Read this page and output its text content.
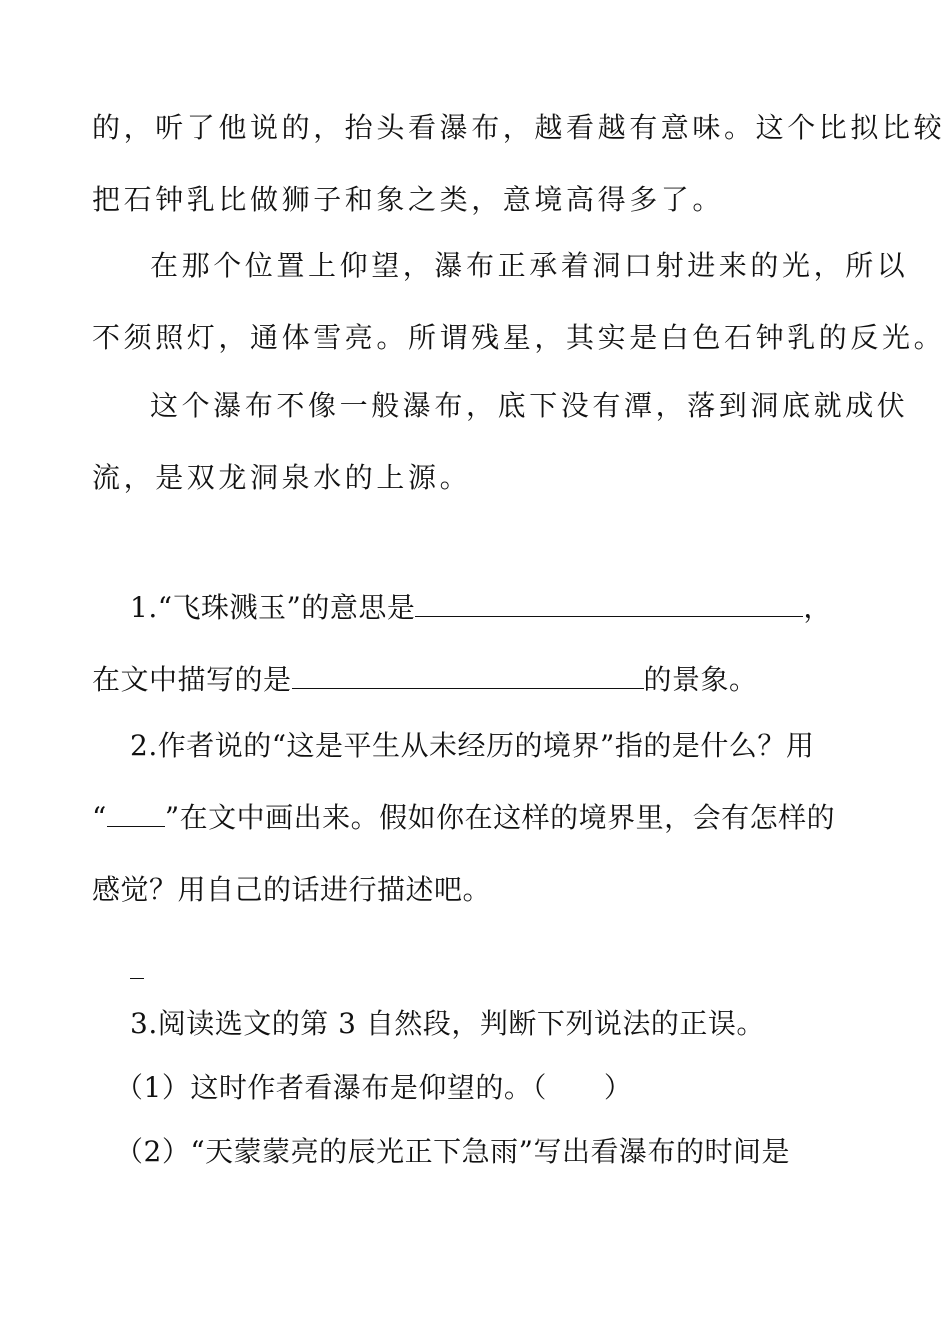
的，听了他说的，抬头看瀑布，越看越有意味。这个比拟比较
把石钟乳比做狮子和象之类，意境高得多了。
在那个位置上仰望，瀑布正承着洞口射进来的光，所以
不须照灯，通体雪亮。所谓残星，其实是白色石钟乳的反光。
这个瀑布不像一般瀑布，底下没有潭，落到洞底就成伏
流，是双龙洞泉水的上源。
1.“飞珠溅玉”的意思是	，
在文中描写的是	的景象。
2.作者说的“这是平生从未经历的境界”指的是什么？用
“ ”在文中画出来。假如你在这样的境界里，会有怎样的
感觉？用自己的话进行描述吧。
3.阅读选文的第 3 自然段，判断下列说法的正误。
（1）这时作者看瀑布是仰望的。（　　）
（2）“天蒙蒙亮的辰光正下急雨”写出看瀑布的时间是
